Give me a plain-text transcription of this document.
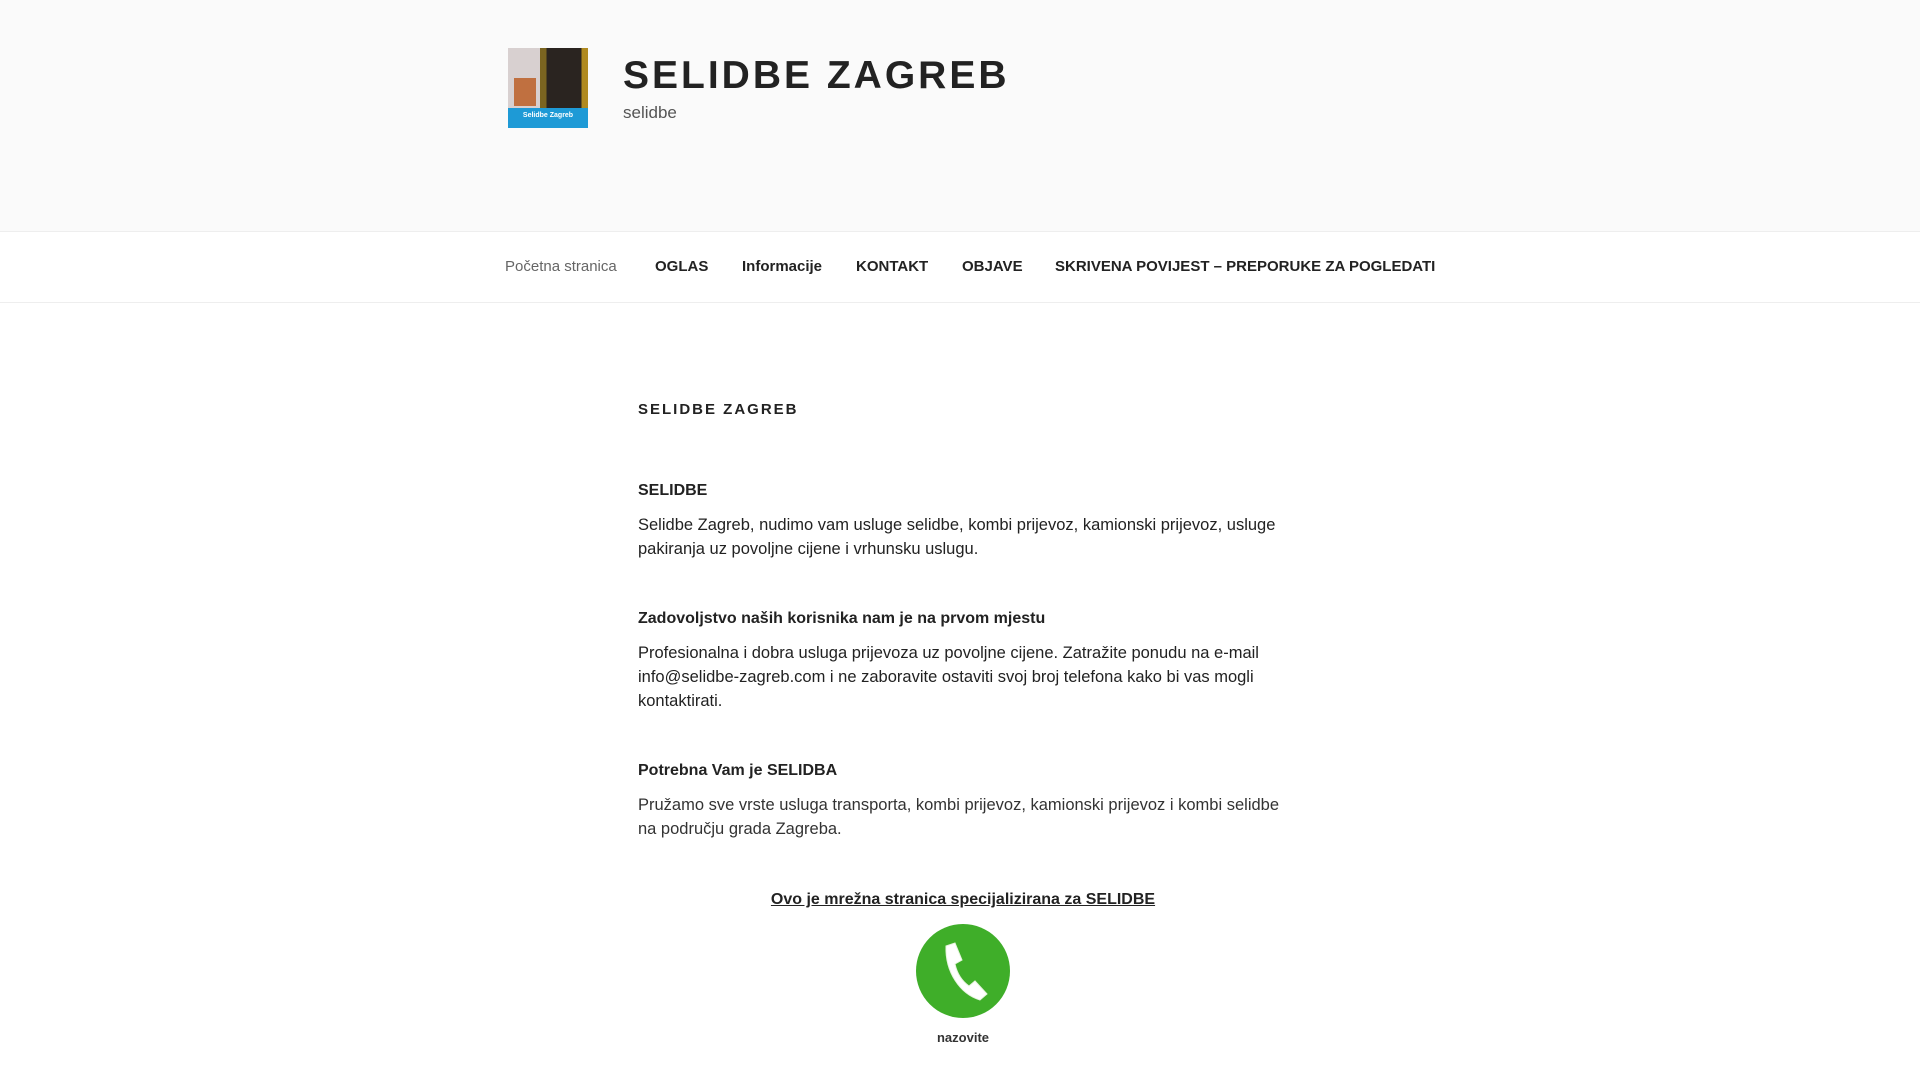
Selidbe Zagreb
SELIDBE ZAGREB
selidbe
Početna stranica	OGLAS Informacije KONTAKT OBJAVE SKRIVENA POVIJEST – PREPORUKE ZA POGLEDATI
SELIDBE ZAGREB
SELIDBE

Selidbe Zagreb, nudimo vam usluge selidbe, kombi prijevoz, kamionski prijevoz, usluge pakiranja uz povoljne cijene i vrhunsku uslugu.

Zadovoljstvo naših korisnika nam je na prvom mjestu

Profesionalna i dobra usluga prijevoza uz povoljne cijene. Zatražite ponudu na e-mail info@selidbe-zagreb.com i ne zaboravite ostaviti svoj broj telefona kako bi vas mogli kontaktirati.

Potrebna Vam je SELIDBA

Pružamo sve vrste usluga transporta, kombi prijevoz, kamionski prijevoz i kombi selidbe na području grada Zagreba.

Ovo je mrežna stranica specijalizirana za SELIDBE
nazovite
